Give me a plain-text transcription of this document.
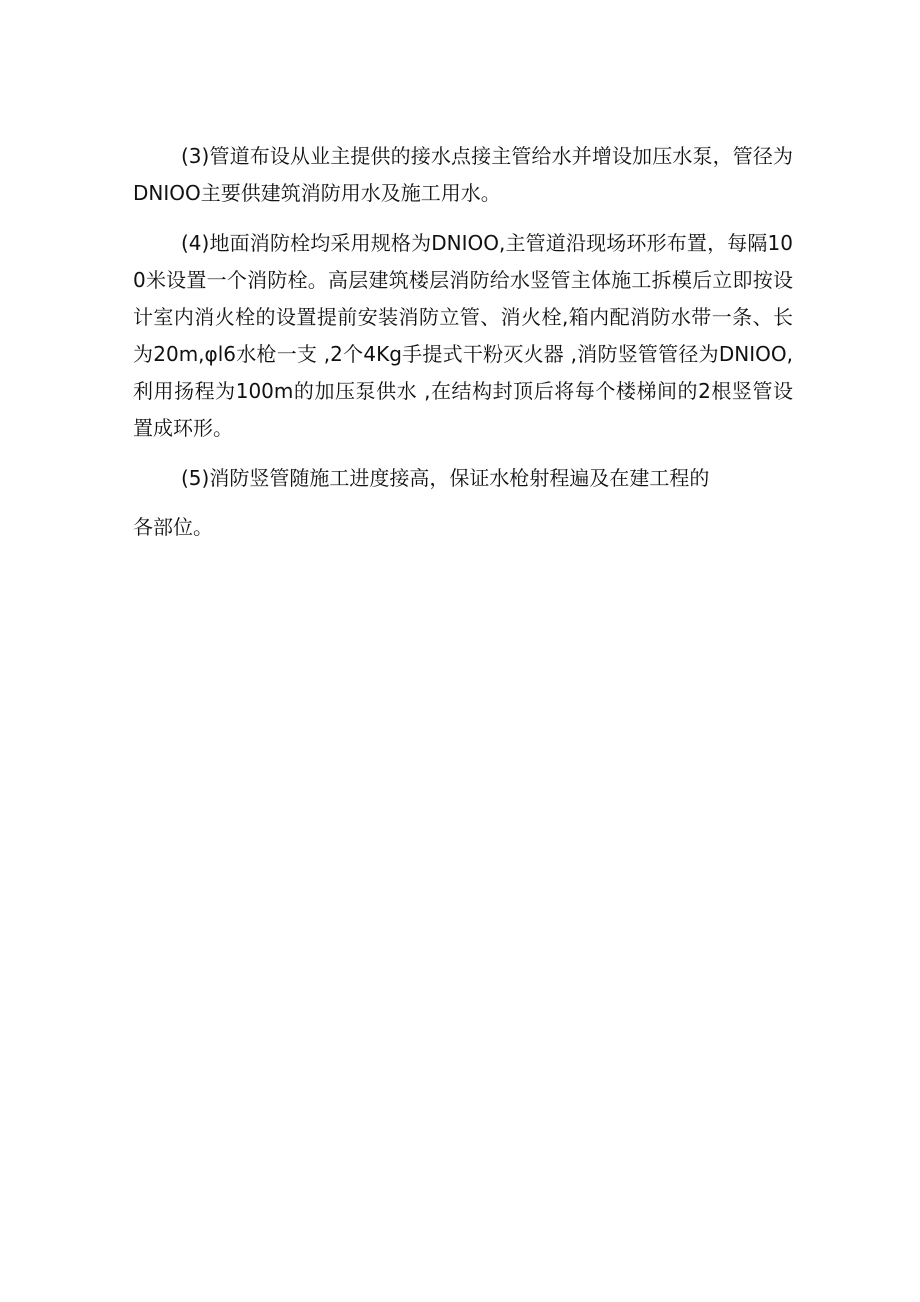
(3)管道布设从业主提供的接水点接主管给水并增设加压水泵，管径为DNIOO主要供建筑消防用水及施工用水。

(4)地面消防栓均采用规格为DNIOO,主管道沿现场环形布置，每隔100米设置一个消防栓。高层建筑楼层消防给水竖管主体施工拆模后立即按设计室内消火栓的设置提前安装消防立管、消火栓,箱内配消防水带一条、长为20m,φl6水枪一支 ,2个4Kg手提式干粉灭火器 ,消防竖管管径为DNIOO,利用扬程为100m的加压泵供水 ,在结构封顶后将每个楼梯间的2根竖管设置成环形。

(5)消防竖管随施工进度接高，保证水枪射程遍及在建工程的

各部位。
